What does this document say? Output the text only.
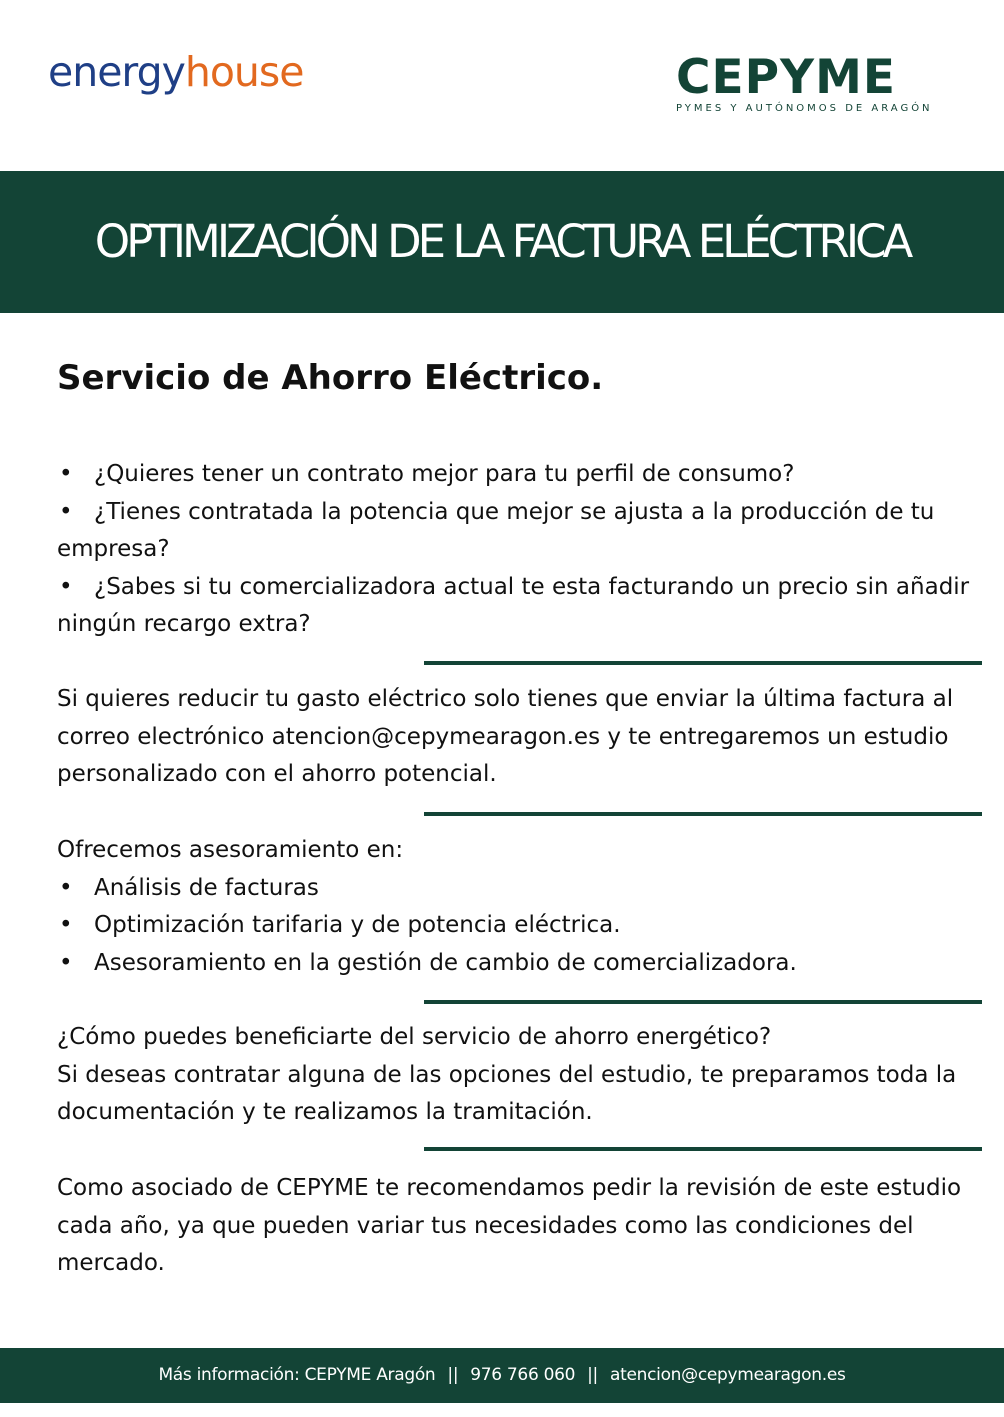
energyhouse	CEPYME
PYMES Y AUTÓNOMOS DE ARAGÓN
OPTIMIZACIÓN DE LA FACTURA ELÉCTRICA
Servicio de Ahorro Eléctrico.
• ¿Quieres tener un contrato mejor para tu perfil de consumo?
• ¿Tienes contratada la potencia que mejor se ajusta a la producción de tu empresa?
• ¿Sabes si tu comercializadora actual te esta facturando un precio sin añadir ningún recargo extra?

Si quieres reducir tu gasto eléctrico solo tienes que enviar la última factura al correo electrónico atencion@cepymearagon.es y te entregaremos un estudio personalizado con el ahorro potencial.

Ofrecemos asesoramiento en:

• Análisis de facturas
• Optimización tarifaria y de potencia eléctrica.
• Asesoramiento en la gestión de cambio de comercializadora.

¿Cómo puedes beneficiarte del servicio de ahorro energético?

Si deseas contratar alguna de las opciones del estudio, te preparamos toda la documentación y te realizamos la tramitación.

Como asociado de CEPYME te recomendamos pedir la revisión de este estudio cada año, ya que pueden variar tus necesidades como las condiciones del mercado.

Más información: CEPYME Aragón || 976 766 060 || atencion@cepymearagon.es
